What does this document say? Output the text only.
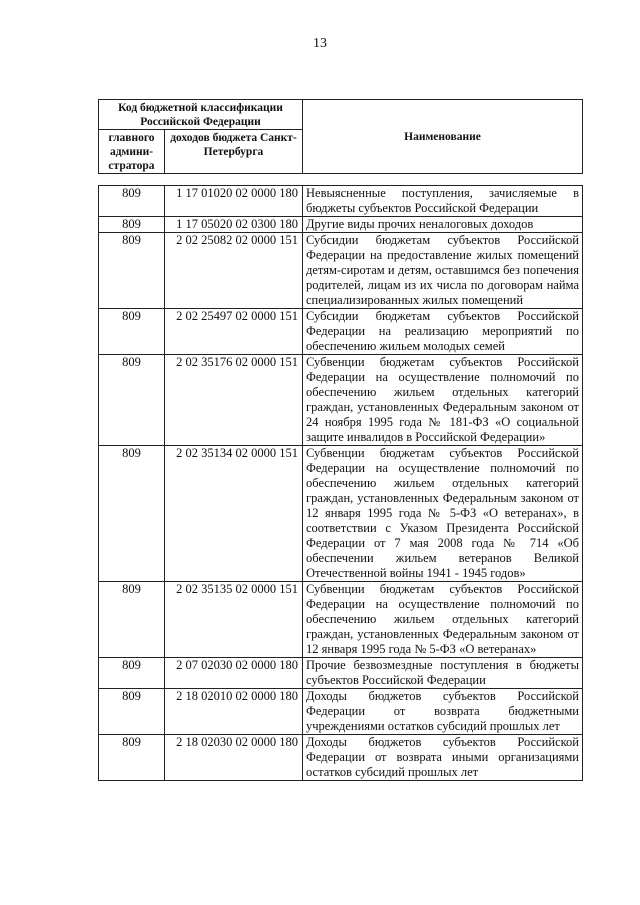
13
Код бюджетной классификации Российской Федерации		Наименование
главного админи-стратора	доходов бюджета Санкт-Петербурга	
809	1 17 01020 02 0000 180	Невыясненные поступления, зачисляемые в бюджеты субъектов Российской Федерации
809	1 17 05020 02 0300 180	Другие виды прочих неналоговых доходов
809	2 02 25082 02 0000 151	Субсидии бюджетам субъектов Российской Федерации на предоставление жилых помещений детям-сиротам и детям, оставшимся без попечения родителей, лицам из их числа по договорам найма специализированных жилых помещений
809	2 02 25497 02 0000 151	Субсидии бюджетам субъектов Российской Федерации на реализацию мероприятий по обеспечению жильем молодых семей
809	2 02 35176 02 0000 151	Субвенции бюджетам субъектов Российской Федерации на осуществление полномочий по обеспечению жильем отдельных категорий граждан, установленных Федеральным законом от 24 ноября 1995 года № 181-ФЗ «О социальной защите инвалидов в Российской Федерации»
809	2 02 35134 02 0000 151	Субвенции бюджетам субъектов Российской Федерации на осуществление полномочий по обеспечению жильем отдельных категорий граждан, установленных Федеральным законом от 12 января 1995 года № 5-ФЗ «О ветеранах», в соответствии с Указом Президента Российской Федерации от 7 мая 2008 года № 714 «Об обеспечении жильем ветеранов Великой Отечественной войны 1941 - 1945 годов»
809	2 02 35135 02 0000 151	Субвенции бюджетам субъектов Российской Федерации на осуществление полномочий по обеспечению жильем отдельных категорий граждан, установленных Федеральным законом от 12 января 1995 года № 5-ФЗ «О ветеранах»
809	2 07 02030 02 0000 180	Прочие безвозмездные поступления в бюджеты субъектов Российской Федерации
809	2 18 02010 02 0000 180	Доходы бюджетов субъектов Российской Федерации от возврата бюджетными учреждениями остатков субсидий прошлых лет
809	2 18 02030 02 0000 180	Доходы бюджетов субъектов Российской Федерации от возврата иными организациями остатков субсидий прошлых лет
